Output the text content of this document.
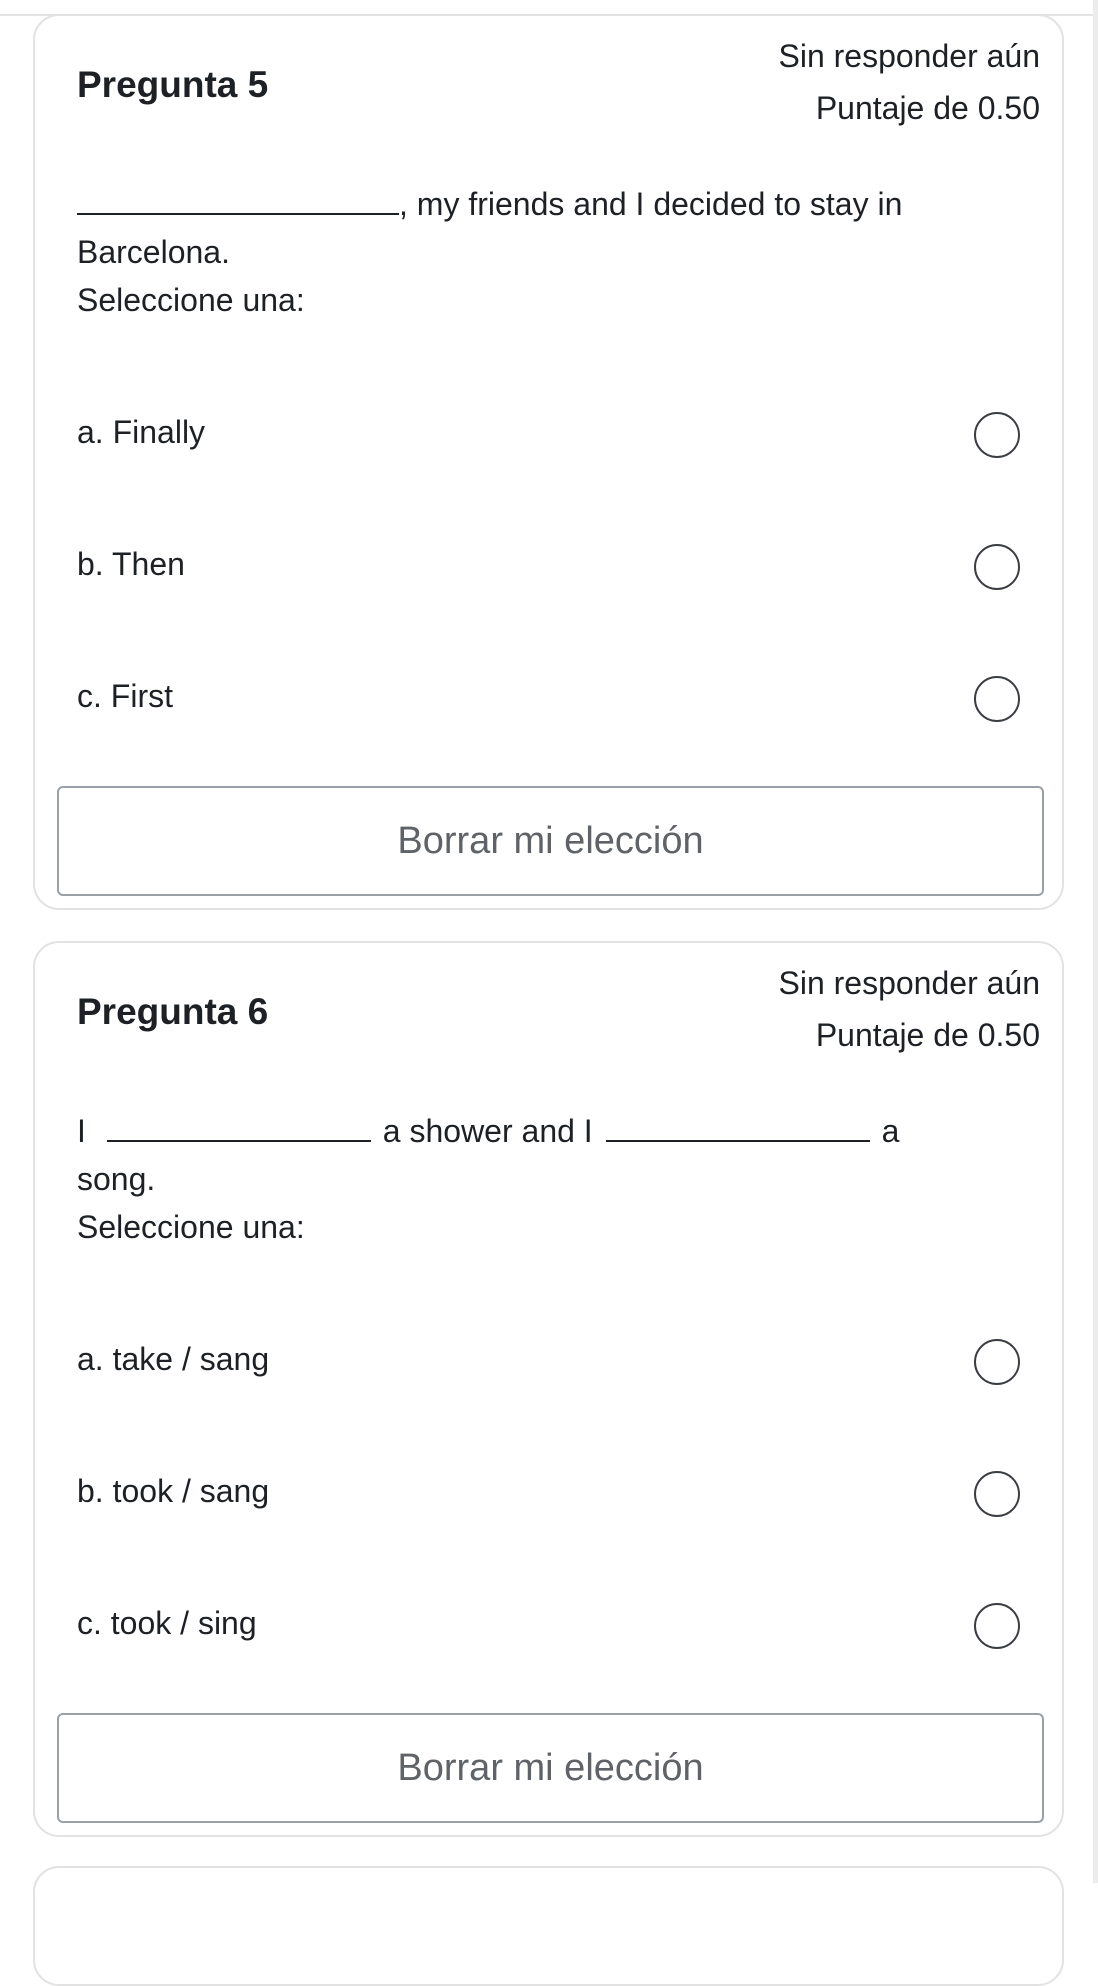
Pregunta 5
Sin responder aún
Puntaje de 0.50
, my friends and I decided to stay in
Barcelona.
Seleccione una:
a. Finally
b. Then
c. First
Borrar mi elección
Pregunta 6
Sin responder aún
Puntaje de 0.50
I	a shower and I	a
song.
Seleccione una:
a. take / sang
b. took / sang
c. took / sing
Borrar mi elección
